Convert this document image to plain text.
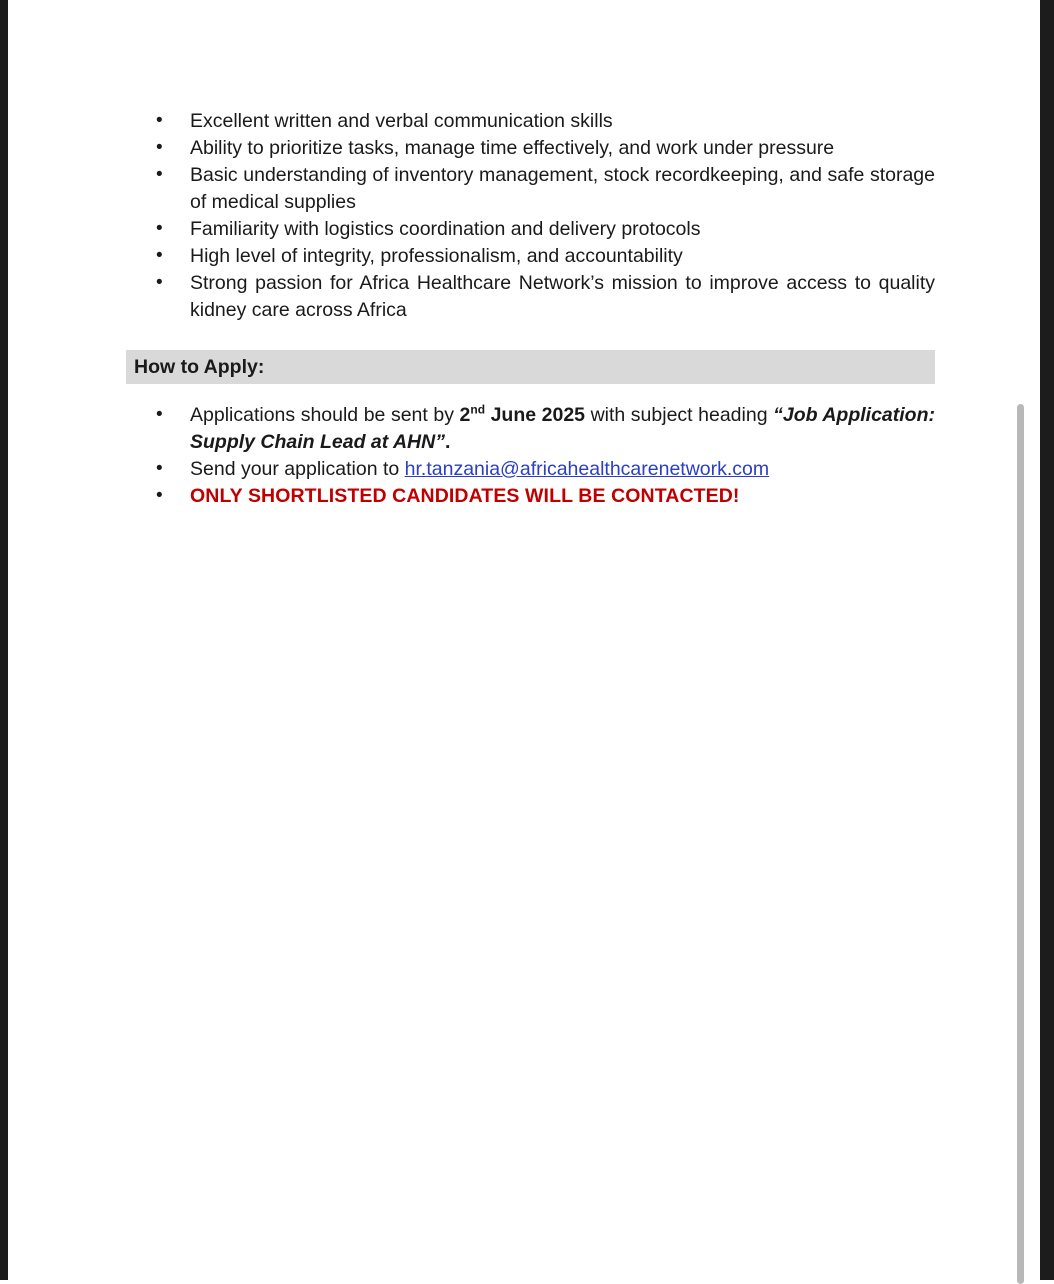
• Excellent written and verbal communication skills
• Ability to prioritize tasks, manage time effectively, and work under pressure
• Basic understanding of inventory management, stock recordkeeping, and safe storage of medical supplies
• Familiarity with logistics coordination and delivery protocols
• High level of integrity, professionalism, and accountability
• Strong passion for Africa Healthcare Network’s mission to improve access to quality kidney care across Africa
How to Apply:
• Applications should be sent by 2nd June 2025 with subject heading “Job Application: Supply Chain Lead at AHN”.
• Send your application to hr.tanzania@africahealthcarenetwork.com
• ONLY SHORTLISTED CANDIDATES WILL BE CONTACTED!
